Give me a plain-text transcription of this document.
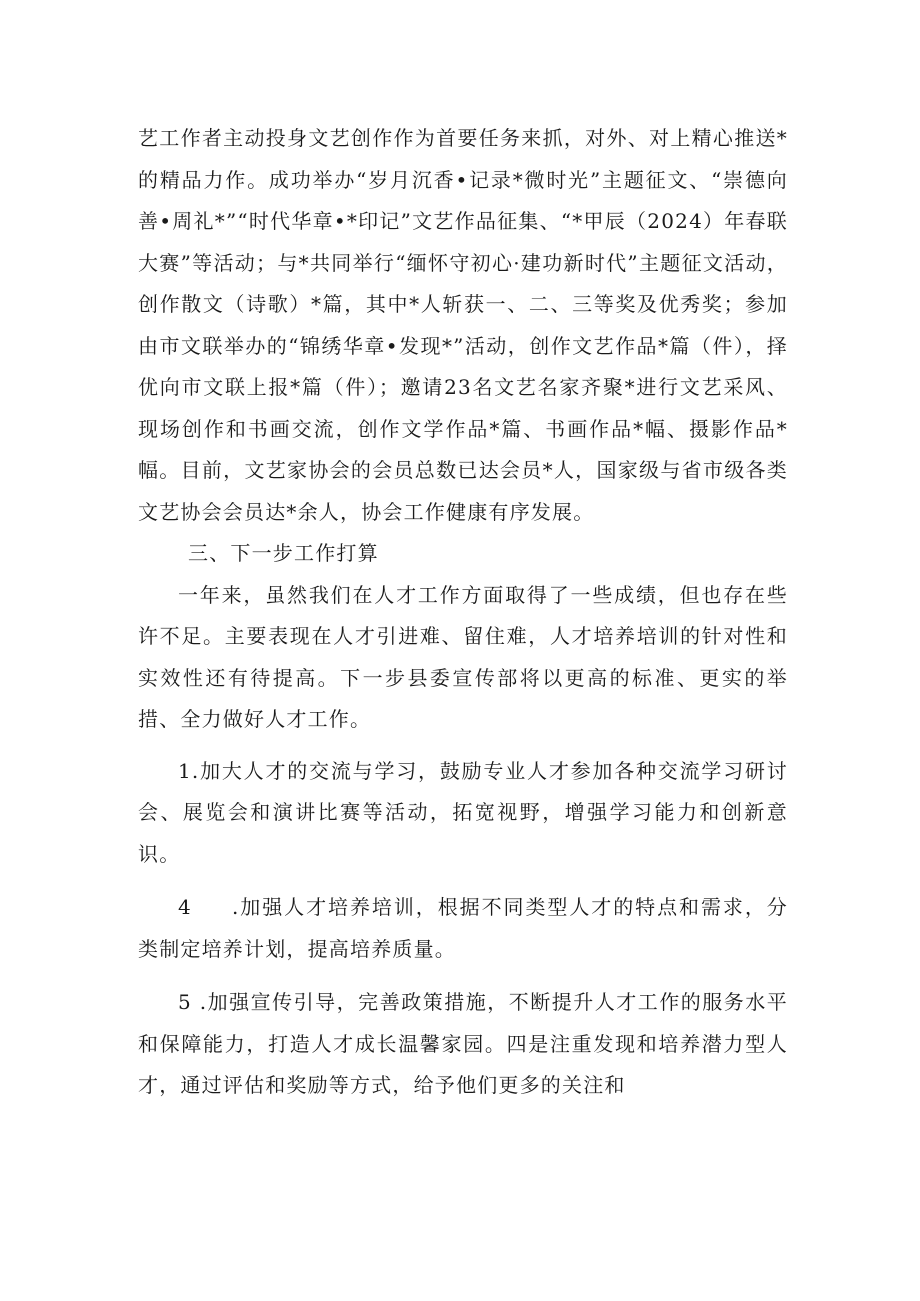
艺工作者主动投身文艺创作作为首要任务来抓，对外、对上精心推送*的精品力作。成功举办“岁月沉香•记录*微时光”主题征文、“崇德向善•周礼*”“时代华章•*印记”文艺作品征集、“*甲辰（2024）年春联大赛”等活动；与*共同举行“缅怀守初心·建功新时代”主题征文活动，创作散文（诗歌）*篇，其中*人斩获一、二、三等奖及优秀奖；参加由市文联举办的“锦绣华章•发现*”活动，创作文艺作品*篇（件），择优向市文联上报*篇（件）；邀请23名文艺名家齐聚*进行文艺采风、现场创作和书画交流，创作文学作品*篇、书画作品*幅、摄影作品*幅。目前，文艺家协会的会员总数已达会员*人，国家级与省市级各类文艺协会会员达*余人，协会工作健康有序发展。

三、下一步工作打算

一年来，虽然我们在人才工作方面取得了一些成绩，但也存在些许不足。主要表现在人才引进难、留住难，人才培养培训的针对性和实效性还有待提高。下一步县委宣传部将以更高的标准、更实的举措、全力做好人才工作。

1.加大人才的交流与学习，鼓励专业人才参加各种交流学习研讨会、展览会和演讲比赛等活动，拓宽视野，增强学习能力和创新意识。

4 .加强人才培养培训，根据不同类型人才的特点和需求，分类制定培养计划，提高培养质量。

5 .加强宣传引导，完善政策措施，不断提升人才工作的服务水平和保障能力，打造人才成长温馨家园。四是注重发现和培养潜力型人才，通过评估和奖励等方式，给予他们更多的关注和
